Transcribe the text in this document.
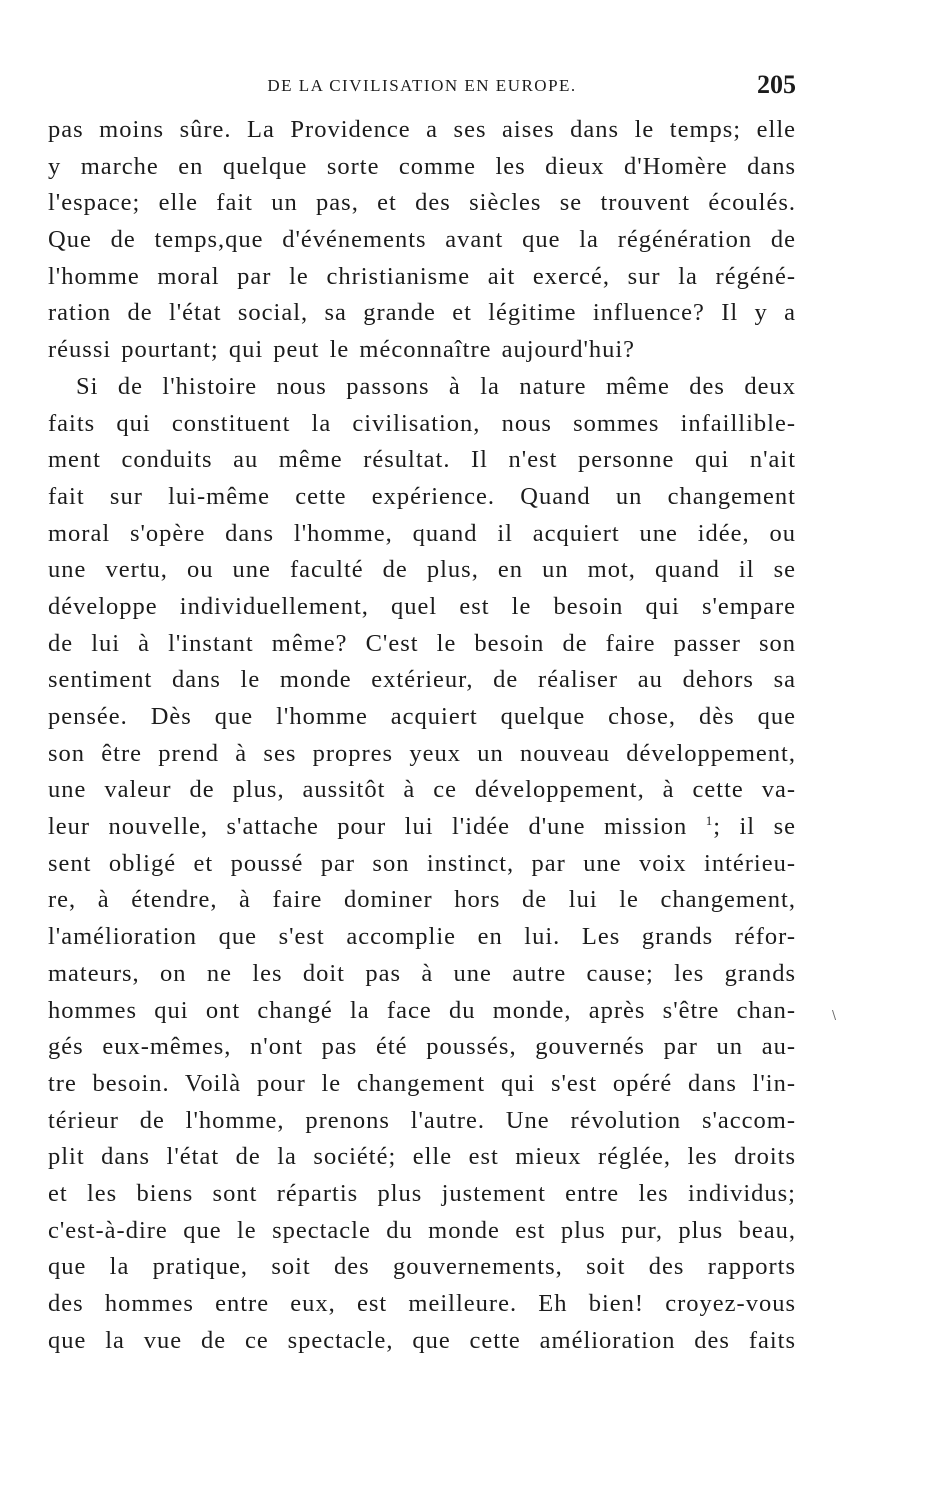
DE LA CIVILISATION EN EUROPE.	205
pas moins sûre. La Providence a ses aises dans le temps; elle
y marche en quelque sorte comme les dieux d'Homère dans
l'espace; elle fait un pas, et des siècles se trouvent écoulés.
Que de temps,que d'événements avant que la régénération de
l'homme moral par le christianisme ait exercé, sur la régéné-
ration de l'état social, sa grande et légitime influence? Il y a
réussi pourtant; qui peut le méconnaître aujourd'hui?
Si de l'histoire nous passons à la nature même des deux
faits qui constituent la civilisation, nous sommes infaillible-
ment conduits au même résultat. Il n'est personne qui n'ait
fait sur lui-même cette expérience. Quand un changement
moral s'opère dans l'homme, quand il acquiert une idée, ou
une vertu, ou une faculté de plus, en un mot, quand il se
développe individuellement, quel est le besoin qui s'empare
de lui à l'instant même? C'est le besoin de faire passer son
sentiment dans le monde extérieur, de réaliser au dehors sa
pensée. Dès que l'homme acquiert quelque chose, dès que
son être prend à ses propres yeux un nouveau développement,
une valeur de plus, aussitôt à ce développement, à cette va-
leur nouvelle, s'attache pour lui l'idée d'une mission $^1$; il se
sent obligé et poussé par son instinct, par une voix intérieu-
re, à étendre, à faire dominer hors de lui le changement,
l'amélioration que s'est accomplie en lui. Les grands réfor-
mateurs, on ne les doit pas à une autre cause; les grands
hommes qui ont changé la face du monde, après s'être chan-
gés eux-mêmes, n'ont pas été poussés, gouvernés par un au-
tre besoin. Voilà pour le changement qui s'est opéré dans l'in-
térieur de l'homme, prenons l'autre. Une révolution s'accom-
plit dans l'état de la société; elle est mieux réglée, les droits
et les biens sont répartis plus justement entre les individus;
c'est-à-dire que le spectacle du monde est plus pur, plus beau,
que la pratique, soit des gouvernements, soit des rapports
des hommes entre eux, est meilleure. Eh bien! croyez-vous
que la vue de ce spectacle, que cette amélioration des faits
\
